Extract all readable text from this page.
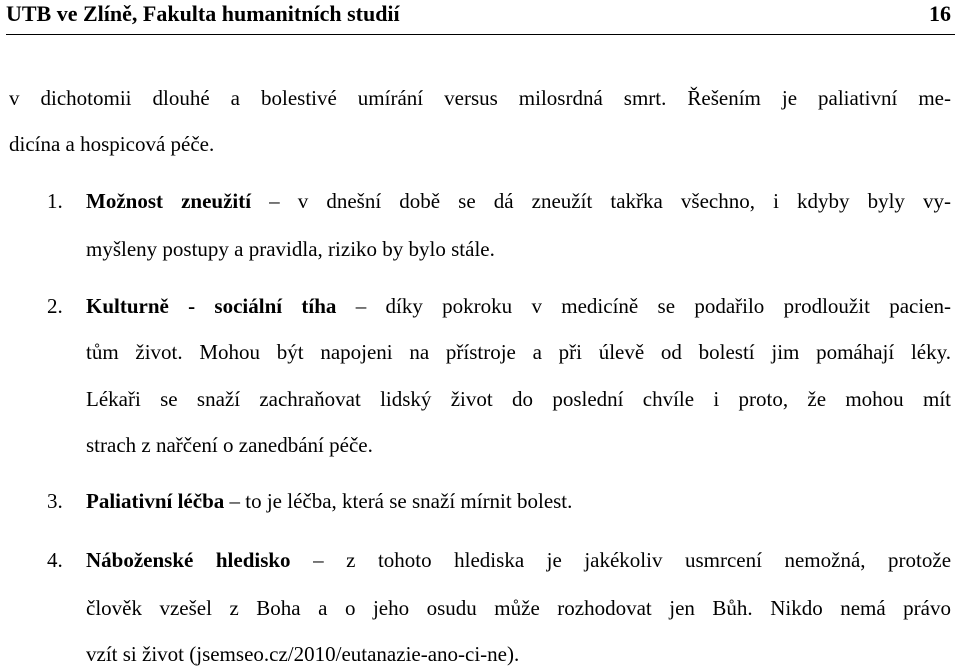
UTB ve Zlíně, Fakulta humanitních studií	16
v dichotomii dlouhé a bolestivé umírání versus milosrdná smrt. Řešením je paliativní me-
dicína a hospicová péče.
1. Možnost zneužití – v dnešní době se dá zneužít takřka všechno, i kdyby byly vy-
myšleny postupy a pravidla, riziko by bylo stále.
2. Kulturně - sociální tíha – díky pokroku v medicíně se podařilo prodloužit pacien-
tům život. Mohou být napojeni na přístroje a při úlevě od bolestí jim pomáhají léky.
Lékaři se snaží zachraňovat lidský život do poslední chvíle i proto, že mohou mít
strach z nařčení o zanedbání péče.
3. Paliativní léčba – to je léčba, která se snaží mírnit bolest.
4. Náboženské hledisko – z tohoto hlediska je jakékoliv usmrcení nemožná, protože
člověk vzešel z Boha a o jeho osudu může rozhodovat jen Bůh. Nikdo nemá právo
vzít si život (jsemseo.cz/2010/eutanazie-ano-ci-ne).
